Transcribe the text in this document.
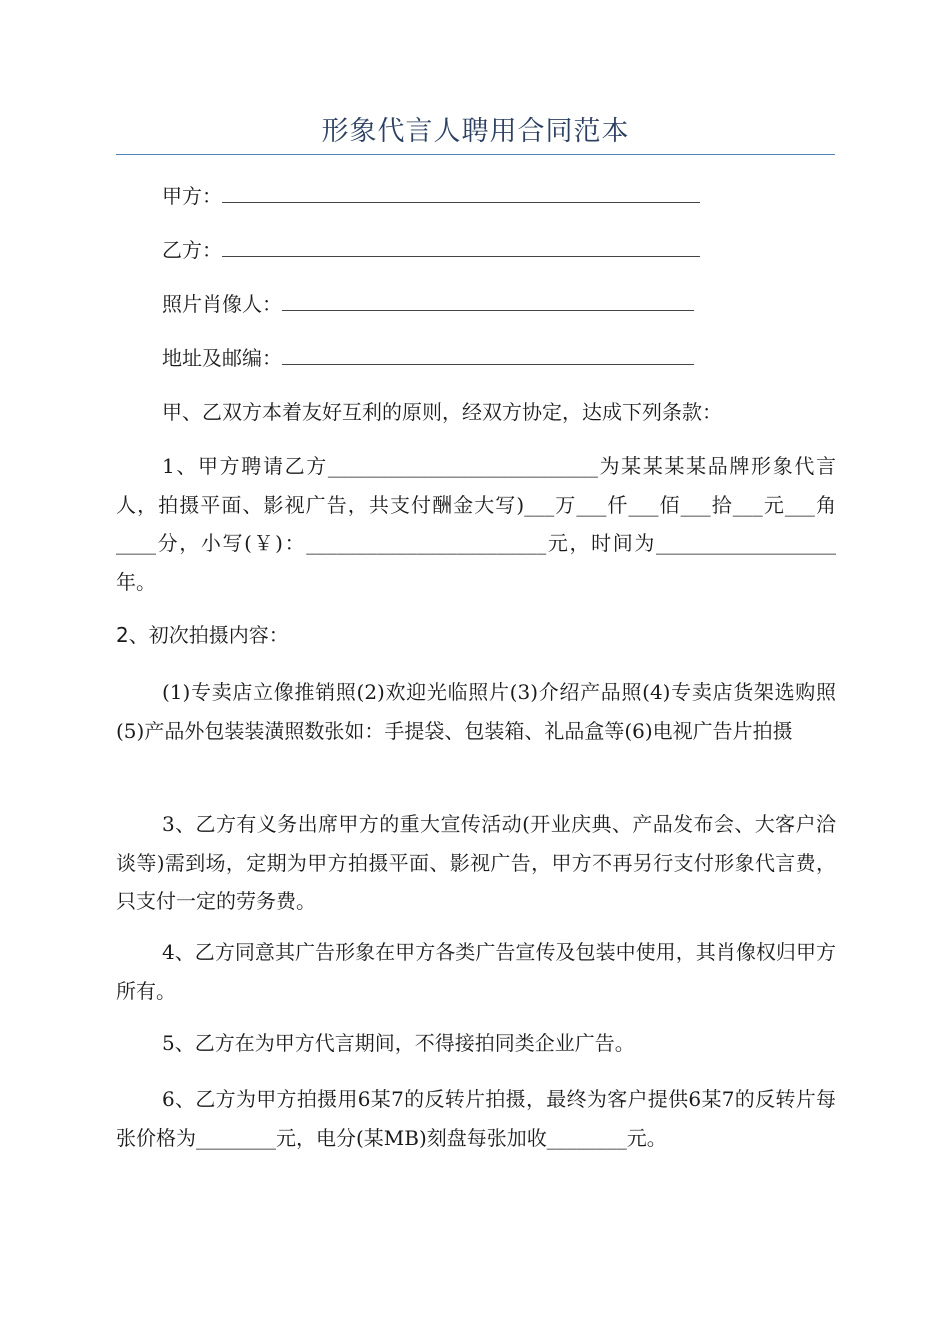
形象代言人聘用合同范本
甲方：
乙方：
照片肖像人：
地址及邮编：

甲、乙双方本着友好互利的原则，经双方协定，达成下列条款：

1、甲方聘请乙方___________________________为某某某某品牌形象代言人，拍摄平面、影视广告，共支付酬金大写)___万___仟___佰___拾___元___角____分，小写(￥)：________________________元，时间为__________________年。

2、初次拍摄内容：

(1)专卖店立像推销照(2)欢迎光临照片(3)介绍产品照(4)专卖店货架选购照(5)产品外包装装潢照数张如：手提袋、包装箱、礼品盒等(6)电视广告片拍摄

3、乙方有义务出席甲方的重大宣传活动(开业庆典、产品发布会、大客户洽谈等)需到场，定期为甲方拍摄平面、影视广告，甲方不再另行支付形象代言费，只支付一定的劳务费。

4、乙方同意其广告形象在甲方各类广告宣传及包装中使用，其肖像权归甲方所有。

5、乙方在为甲方代言期间，不得接拍同类企业广告。

6、乙方为甲方拍摄用6某7的反转片拍摄，最终为客户提供6某7的反转片每张价格为________元，电分(某MB)刻盘每张加收________元。
